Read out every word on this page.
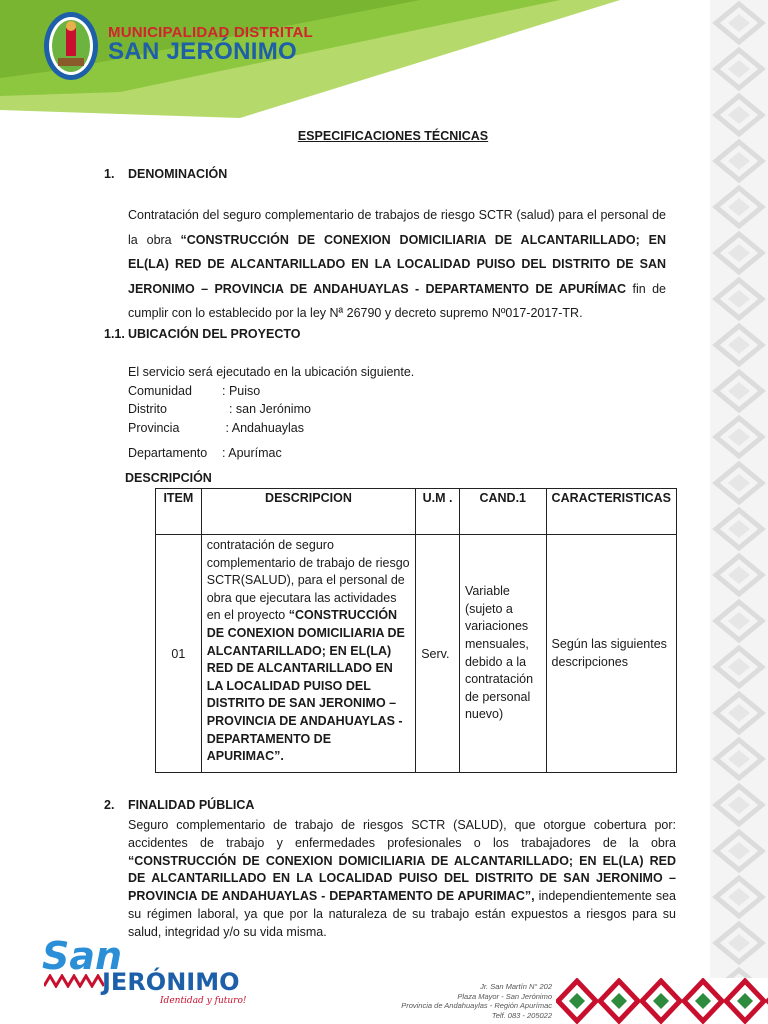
MUNICIPALIDAD DISTRITAL
SAN JERÓNIMO
ESPECIFICACIONES TÉCNICAS
1. DENOMINACIÓN
Contratación del seguro complementario de trabajos de riesgo SCTR (salud) para el personal de la obra “CONSTRUCCIÓN DE CONEXION DOMICILIARIA DE ALCANTARILLADO; EN EL(LA) RED DE ALCANTARILLADO EN LA LOCALIDAD PUISO DEL DISTRITO DE SAN JERONIMO – PROVINCIA DE ANDAHUAYLAS - DEPARTAMENTO DE APURÍMAC fin de cumplir con lo establecido por la ley Nª 26790 y decreto supremo Nº017-2017-TR.
1.1. UBICACIÓN DEL PROYECTO
El servicio será ejecutado en la ubicación siguiente.
Comunidad : Puiso
Distrito	: san Jerónimo
Provincia	: Andahuaylas
Departamento : Apurímac
DESCRIPCIÓN
ITEM	DESCRIPCION	U.M .	CAND.1	CARACTERISTICAS
01	contratación de seguro complementario de trabajo de riesgo SCTR(SALUD), para el personal de obra que ejecutara las actividades en el proyecto “CONSTRUCCIÓN DE CONEXION DOMICILIARIA DE ALCANTARILLADO; EN EL(LA) RED DE ALCANTARILLADO EN LA LOCALIDAD PUISO DEL DISTRITO DE SAN JERONIMO – PROVINCIA DE ANDAHUAYLAS - DEPARTAMENTO DE APURIMAC”.	Serv.	Variable (sujeto a variaciones mensuales, debido a la contratación de personal nuevo)	Según las siguientes descripciones
2. FINALIDAD PÚBLICA
Seguro complementario de trabajo de riesgos SCTR (SALUD), que otorgue cobertura por: accidentes de trabajo y enfermedades profesionales o los trabajadores de la obra “CONSTRUCCIÓN DE CONEXION DOMICILIARIA DE ALCANTARILLADO; EN EL(LA) RED DE ALCANTARILLADO EN LA LOCALIDAD PUISO DEL DISTRITO DE SAN JERONIMO – PROVINCIA DE ANDAHUAYLAS - DEPARTAMENTO DE APURIMAC”, independientemente sea su régimen laboral, ya que por la naturaleza de su trabajo están expuestos a riesgos para su salud, integridad y/o su vida misma.
San
JERÓNIMO
Identidad y futuro!
Jr. San Martín N° 202
Plaza Mayor - San Jerónimo
Provincia de Andahuaylas - Región Apurímac
Telf. 083 - 205022
